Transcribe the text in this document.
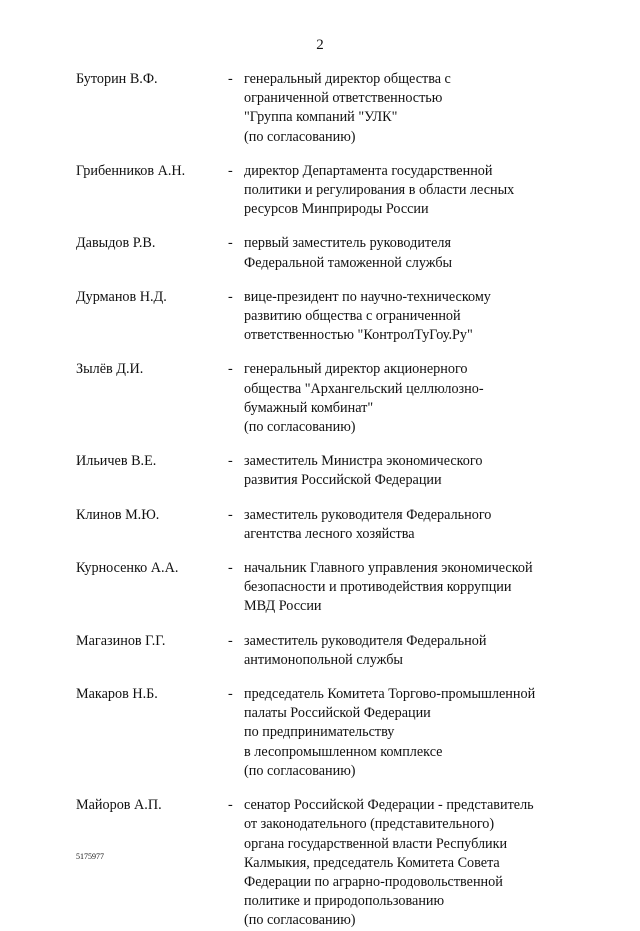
2
Буторин В.Ф.	- генеральный директор общества с
ограниченной ответственностью
"Группа компаний "УЛК"
(по согласованию)
Грибенников А.Н.	- директор Департамента государственной
политики и регулирования в области лесных
ресурсов Минприроды России
Давыдов Р.В.	- первый заместитель руководителя
Федеральной таможенной службы
Дурманов Н.Д.	- вице-президент по научно-техническому
развитию общества с ограниченной
ответственностью "КонтролТуГоу.Ру"
Зылёв Д.И.	- генеральный директор акционерного
общества "Архангельский целлюлозно-
бумажный комбинат"
(по согласованию)
Ильичев В.Е.	- заместитель Министра экономического
развития Российской Федерации
Клинов М.Ю.	- заместитель руководителя Федерального
агентства лесного хозяйства
Курносенко А.А.	- начальник Главного управления экономической
безопасности и противодействия коррупции
МВД России
Магазинов Г.Г.	- заместитель руководителя Федеральной
антимонопольной службы
Макаров Н.Б.	- председатель Комитета Торгово-промышленной
палаты Российской Федерации
по предпринимательству
в лесопромышленном комплексе
(по согласованию)
Майоров А.П.	- сенатор Российской Федерации - представитель
от законодательного (представительного)
органа государственной власти Республики
Калмыкия, председатель Комитета Совета
Федерации по аграрно-продовольственной
политике и природопользованию
(по согласованию)
5175977
